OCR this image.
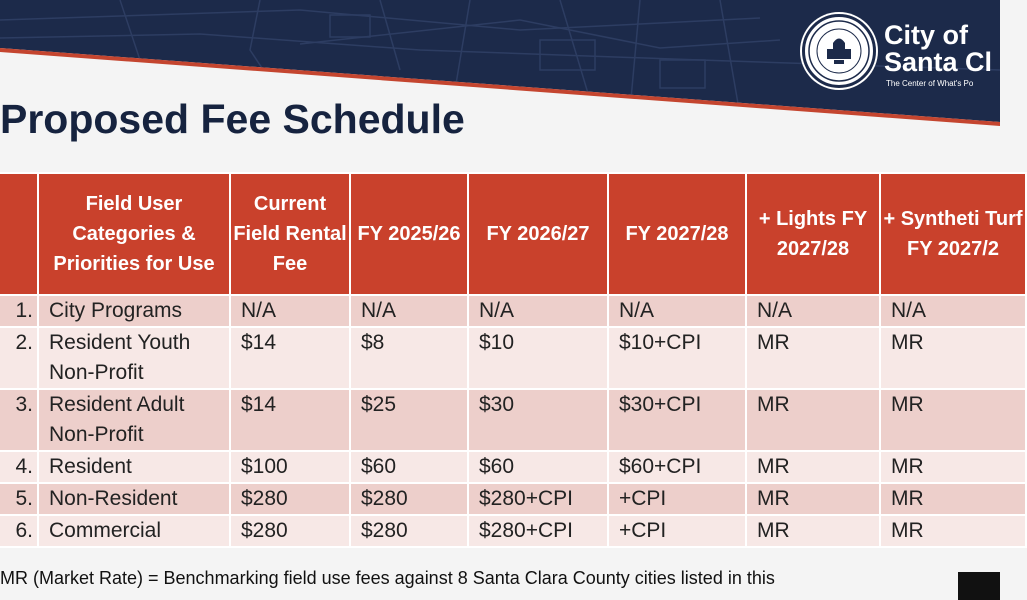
City of
Santa Cl
The Center of What's Po
Proposed Fee Schedule
	Field User Categories & Priorities for Use	Current Field Rental Fee	FY 2025/26	FY 2026/27	FY 2027/28	+ Lights FY 2027/28	+ Syntheti Turf FY 2027/2
1.	City Programs	N/A	N/A	N/A	N/A	N/A	N/A
2.	Resident Youth Non-Profit	$14	$8	$10	$10+CPI	MR	MR
3.	Resident Adult Non-Profit	$14	$25	$30	$30+CPI	MR	MR
4.	Resident	$100	$60	$60	$60+CPI	MR	MR
5.	Non-Resident	$280	$280	$280+CPI	+CPI	MR	MR
6.	Commercial	$280	$280	$280+CPI	+CPI	MR	MR

MR (Market Rate) = Benchmarking field use fees against 8 Santa Clara County cities listed in this
